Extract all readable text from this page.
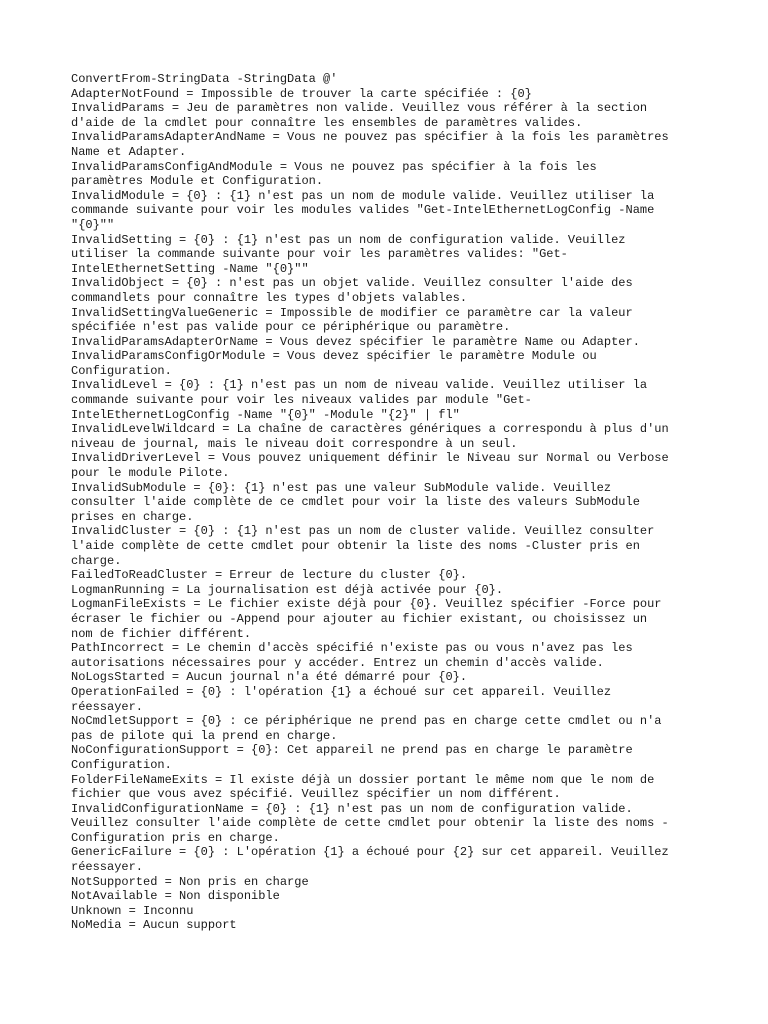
ConvertFrom-StringData -StringData @'
AdapterNotFound = Impossible de trouver la carte spécifiée : {0}
InvalidParams = Jeu de paramètres non valide. Veuillez vous référer à la section
d'aide de la cmdlet pour connaître les ensembles de paramètres valides.
InvalidParamsAdapterAndName = Vous ne pouvez pas spécifier à la fois les paramètres
Name et Adapter.
InvalidParamsConfigAndModule = Vous ne pouvez pas spécifier à la fois les
paramètres Module et Configuration.
InvalidModule = {0} : {1} n'est pas un nom de module valide. Veuillez utiliser la
commande suivante pour voir les modules valides "Get-IntelEthernetLogConfig -Name
"{0}""
InvalidSetting = {0} : {1} n'est pas un nom de configuration valide. Veuillez
utiliser la commande suivante pour voir les paramètres valides: "Get-
IntelEthernetSetting -Name "{0}""
InvalidObject = {0} : n'est pas un objet valide. Veuillez consulter l'aide des
commandlets pour connaître les types d'objets valables.
InvalidSettingValueGeneric = Impossible de modifier ce paramètre car la valeur
spécifiée n'est pas valide pour ce périphérique ou paramètre.
InvalidParamsAdapterOrName = Vous devez spécifier le paramètre Name ou Adapter.
InvalidParamsConfigOrModule = Vous devez spécifier le paramètre Module ou
Configuration.
InvalidLevel = {0} : {1} n'est pas un nom de niveau valide. Veuillez utiliser la
commande suivante pour voir les niveaux valides par module "Get-
IntelEthernetLogConfig -Name "{0}" -Module "{2}" | fl"
InvalidLevelWildcard = La chaîne de caractères génériques a correspondu à plus d'un
niveau de journal, mais le niveau doit correspondre à un seul.
InvalidDriverLevel = Vous pouvez uniquement définir le Niveau sur Normal ou Verbose
pour le module Pilote.
InvalidSubModule = {0}: {1} n'est pas une valeur SubModule valide. Veuillez
consulter l'aide complète de ce cmdlet pour voir la liste des valeurs SubModule
prises en charge.
InvalidCluster = {0} : {1} n'est pas un nom de cluster valide. Veuillez consulter
l'aide complète de cette cmdlet pour obtenir la liste des noms -Cluster pris en
charge.
FailedToReadCluster = Erreur de lecture du cluster {0}.
LogmanRunning = La journalisation est déjà activée pour {0}.
LogmanFileExists = Le fichier existe déjà pour {0}. Veuillez spécifier -Force pour
écraser le fichier ou -Append pour ajouter au fichier existant, ou choisissez un
nom de fichier différent.
PathIncorrect = Le chemin d'accès spécifié n'existe pas ou vous n'avez pas les
autorisations nécessaires pour y accéder. Entrez un chemin d'accès valide.
NoLogsStarted = Aucun journal n'a été démarré pour {0}.
OperationFailed = {0} : l'opération {1} a échoué sur cet appareil. Veuillez
réessayer.
NoCmdletSupport = {0} : ce périphérique ne prend pas en charge cette cmdlet ou n'a
pas de pilote qui la prend en charge.
NoConfigurationSupport = {0}: Cet appareil ne prend pas en charge le paramètre
Configuration.
FolderFileNameExits = Il existe déjà un dossier portant le même nom que le nom de
fichier que vous avez spécifié. Veuillez spécifier un nom différent.
InvalidConfigurationName = {0} : {1} n'est pas un nom de configuration valide.
Veuillez consulter l'aide complète de cette cmdlet pour obtenir la liste des noms -
Configuration pris en charge.
GenericFailure = {0} : L'opération {1} a échoué pour {2} sur cet appareil. Veuillez
réessayer.
NotSupported = Non pris en charge
NotAvailable = Non disponible
Unknown = Inconnu
NoMedia = Aucun support
